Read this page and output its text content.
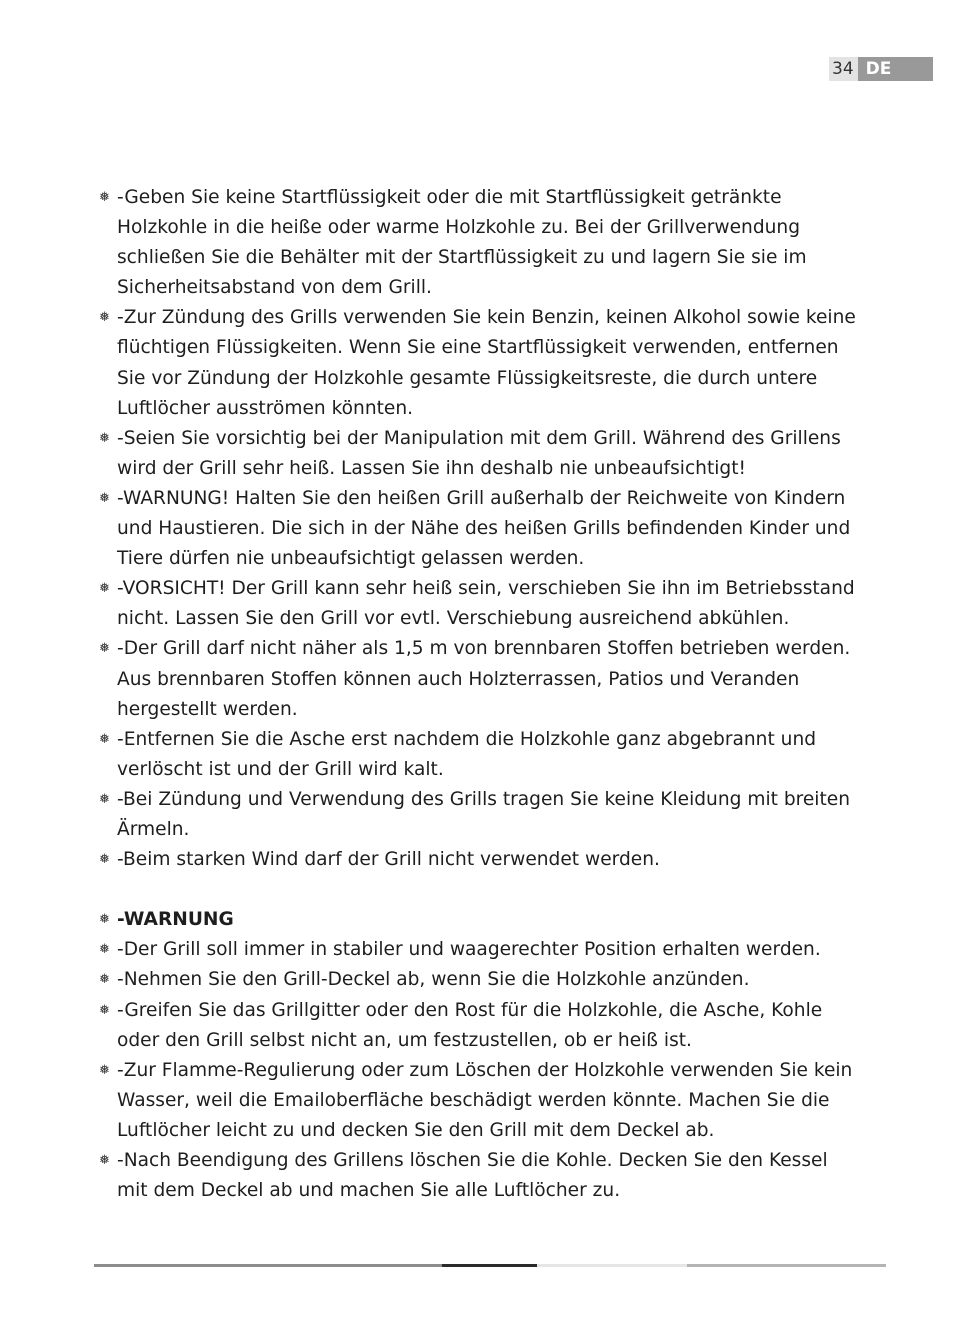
34 DE
❅ -Geben Sie keine Startflüssigkeit oder die mit Startflüssigkeit getränkte Holzkohle in die heiße oder warme Holzkohle zu. Bei der Grillverwendung schließen Sie die Behälter mit der Startflüssigkeit zu und lagern Sie sie im Sicherheitsabstand von dem Grill.
❅ -Zur Zündung des Grills verwenden Sie kein Benzin, keinen Alkohol sowie keine flüchtigen Flüssigkeiten. Wenn Sie eine Startflüssigkeit verwenden, entfernen Sie vor Zündung der Holzkohle gesamte Flüssigkeitsreste, die durch untere Luftlöcher ausströmen könnten.
❅ -Seien Sie vorsichtig bei der Manipulation mit dem Grill. Während des Grillens wird der Grill sehr heiß. Lassen Sie ihn deshalb nie unbeaufsichtigt!
❅ -WARNUNG! Halten Sie den heißen Grill außerhalb der Reichweite von Kindern und Haustieren. Die sich in der Nähe des heißen Grills befindenden Kinder und Tiere dürfen nie unbeaufsichtigt gelassen werden.
❅ -VORSICHT! Der Grill kann sehr heiß sein, verschieben Sie ihn im Betriebsstand nicht. Lassen Sie den Grill vor evtl. Verschiebung ausreichend abkühlen.
❅ -Der Grill darf nicht näher als 1,5 m von brennbaren Stoffen betrieben werden. Aus brennbaren Stoffen können auch Holzterrassen, Patios und Veranden hergestellt werden.
❅ -Entfernen Sie die Asche erst nachdem die Holzkohle ganz abgebrannt und verlöscht ist und der Grill wird kalt.
❅ -Bei Zündung und Verwendung des Grills tragen Sie keine Kleidung mit breiten Ärmeln.
❅ -Beim starken Wind darf der Grill nicht verwendet werden.
❅ -WARNUNG
❅ -Der Grill soll immer in stabiler und waagerechter Position erhalten werden.
❅ -Nehmen Sie den Grill-Deckel ab, wenn Sie die Holzkohle anzünden.
❅ -Greifen Sie das Grillgitter oder den Rost für die Holzkohle, die Asche, Kohle oder den Grill selbst nicht an, um festzustellen, ob er heiß ist.
❅ -Zur Flamme-Regulierung oder zum Löschen der Holzkohle verwenden Sie kein Wasser, weil die Emailoberfläche beschädigt werden könnte. Machen Sie die Luftlöcher leicht zu und decken Sie den Grill mit dem Deckel ab.
❅ -Nach Beendigung des Grillens löschen Sie die Kohle. Decken Sie den Kessel mit dem Deckel ab und machen Sie alle Luftlöcher zu.
